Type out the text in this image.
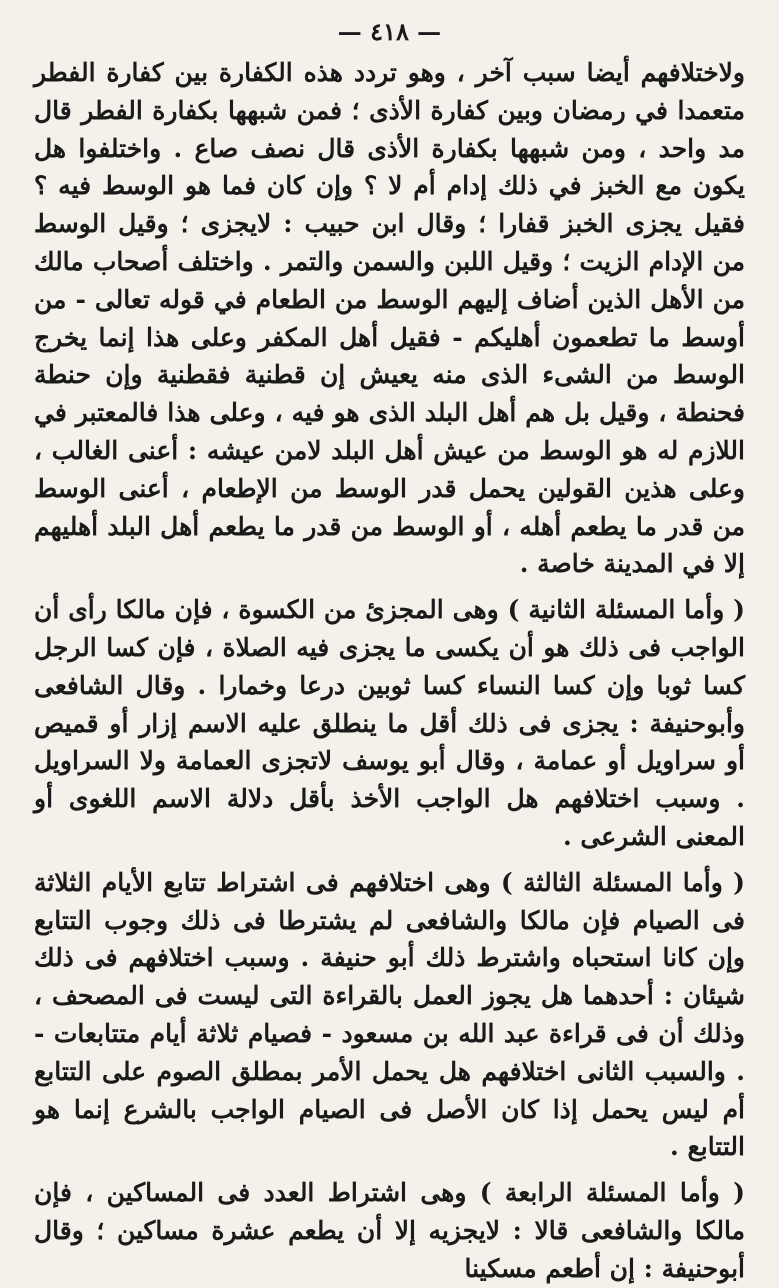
— ٤١٨ —

ولاختلافهم أيضا سبب آخر ، وهو تردد هذه الكفارة بين كفارة الفطر متعمدا في رمضان وبين كفارة الأذى ؛ فمن شبهها بكفارة الفطر قال مد واحد ، ومن شبهها بكفارة الأذى قال نصف صاع . واختلفوا هل يكون مع الخبز في ذلك إدام أم لا ؟ وإن كان فما هو الوسط فيه ؟ فقيل يجزى الخبز قفارا ؛ وقال ابن حبيب : لايجزى ؛ وقيل الوسط من الإدام الزيت ؛ وقيل اللبن والسمن والتمر . واختلف أصحاب مالك من الأهل الذين أضاف إليهم الوسط من الطعام في قوله تعالى - من أوسط ما تطعمون أهليكم - فقيل أهل المكفر وعلى هذا إنما يخرج الوسط من الشىء الذى منه يعيش إن قطنية فقطنية وإن حنطة فحنطة ، وقيل بل هم أهل البلد الذى هو فيه ، وعلى هذا فالمعتبر في اللازم له هو الوسط من عيش أهل البلد لامن عيشه : أعنى الغالب ، وعلى هذين القولين يحمل قدر الوسط من الإطعام ، أعنى الوسط من قدر ما يطعم أهله ، أو الوسط من قدر ما يطعم أهل البلد أهليهم إلا في المدينة خاصة .

( وأما المسئلة الثانية ) وهى المجزئ من الكسوة ، فإن مالكا رأى أن الواجب فى ذلك هو أن يكسى ما يجزى فيه الصلاة ، فإن كسا الرجل كسا ثوبا وإن كسا النساء كسا ثوبين درعا وخمارا . وقال الشافعى وأبوحنيفة : يجزى فى ذلك أقل ما ينطلق عليه الاسم إزار أو قميص أو سراويل أو عمامة ، وقال أبو يوسف لاتجزى العمامة ولا السراويل . وسبب اختلافهم هل الواجب الأخذ بأقل دلالة الاسم اللغوى أو المعنى الشرعى .

( وأما المسئلة الثالثة ) وهى اختلافهم فى اشتراط تتابع الأيام الثلاثة فى الصيام فإن مالكا والشافعى لم يشترطا فى ذلك وجوب التتابع وإن كانا استحباه واشترط ذلك أبو حنيفة . وسبب اختلافهم فى ذلك شيئان : أحدهما هل يجوز العمل بالقراءة التى ليست فى المصحف ، وذلك أن فى قراءة عبد الله بن مسعود - فصيام ثلاثة أيام متتابعات - . والسبب الثانى اختلافهم هل يحمل الأمر بمطلق الصوم على التتابع أم ليس يحمل إذا كان الأصل فى الصيام الواجب بالشرع إنما هو التتابع .

( وأما المسئلة الرابعة ) وهى اشتراط العدد فى المساكين ، فإن مالكا والشافعى قالا : لايجزيه إلا أن يطعم عشرة مساكين ؛ وقال أبوحنيفة : إن أطعم مسكينا
